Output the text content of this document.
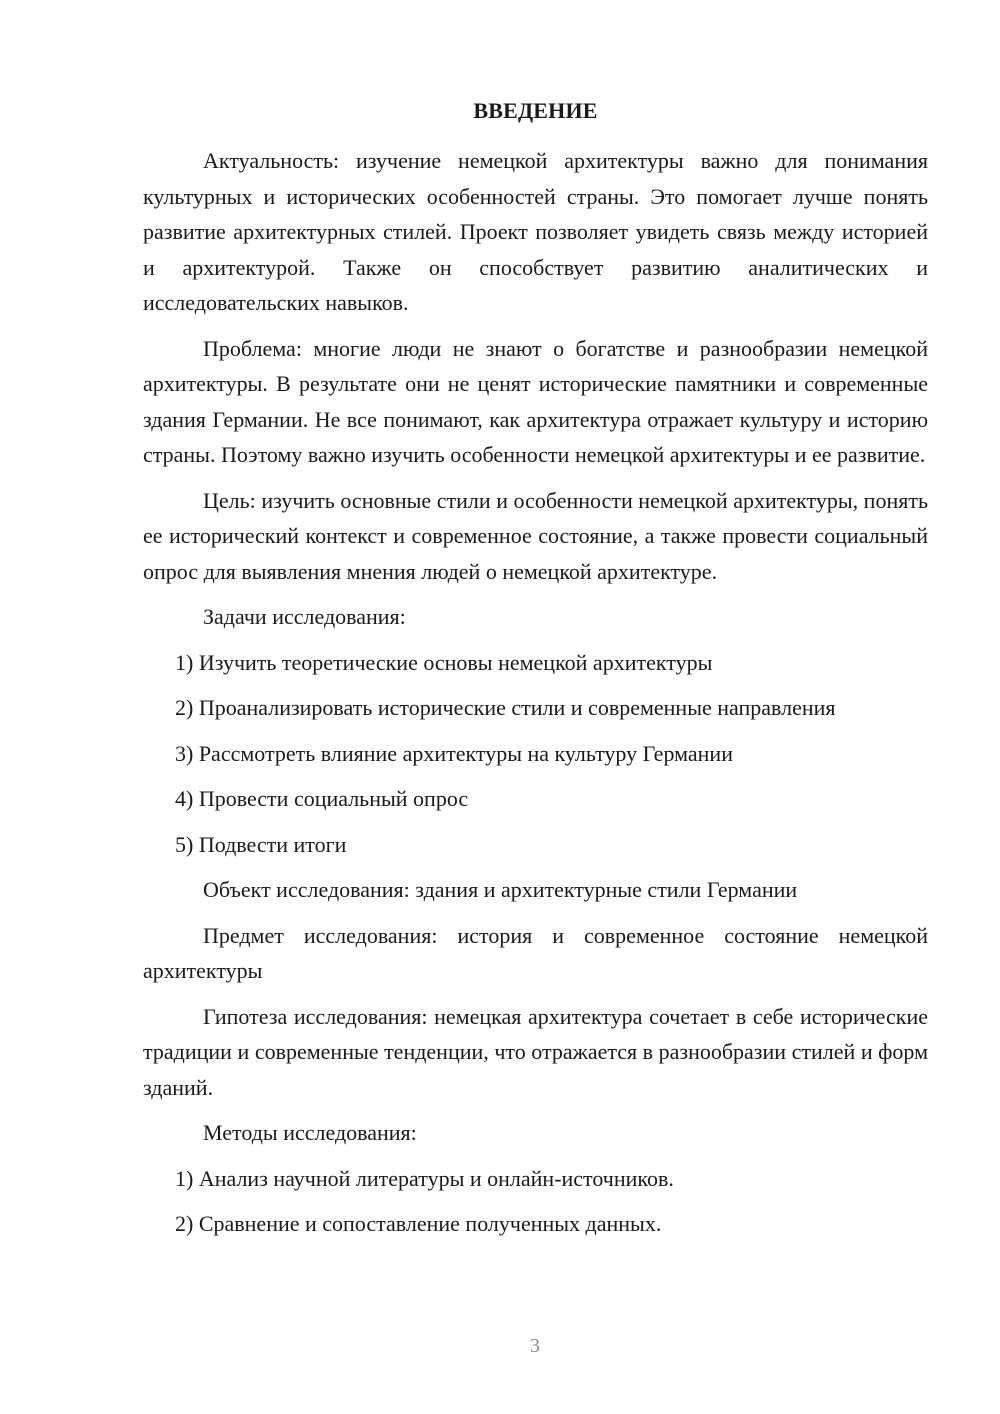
ВВЕДЕНИЕ

Актуальность: изучение немецкой архитектуры важно для понимания культурных и исторических особенностей страны. Это помогает лучше понять развитие архитектурных стилей. Проект позволяет увидеть связь между историей и архитектурой. Также он способствует развитию аналитических и исследовательских навыков.

Проблема: многие люди не знают о богатстве и разнообразии немецкой архитектуры. В результате они не ценят исторические памятники и современные здания Германии. Не все понимают, как архитектура отражает культуру и историю страны. Поэтому важно изучить особенности немецкой архитектуры и ее развитие.

Цель: изучить основные стили и особенности немецкой архитектуры, понять ее исторический контекст и современное состояние, а также провести социальный опрос для выявления мнения людей о немецкой архитектуре.

Задачи исследования:
1) Изучить теоретические основы немецкой архитектуры
2) Проанализировать исторические стили и современные направления
3) Рассмотреть влияние архитектуры на культуру Германии
4) Провести социальный опрос
5) Подвести итоги

Объект исследования: здания и архитектурные стили Германии

Предмет исследования: история и современное состояние немецкой архитектуры

Гипотеза исследования: немецкая архитектура сочетает в себе исторические традиции и современные тенденции, что отражается в разнообразии стилей и форм зданий.

Методы исследования:
1) Анализ научной литературы и онлайн-источников.
2) Сравнение и сопоставление полученных данных.
3
